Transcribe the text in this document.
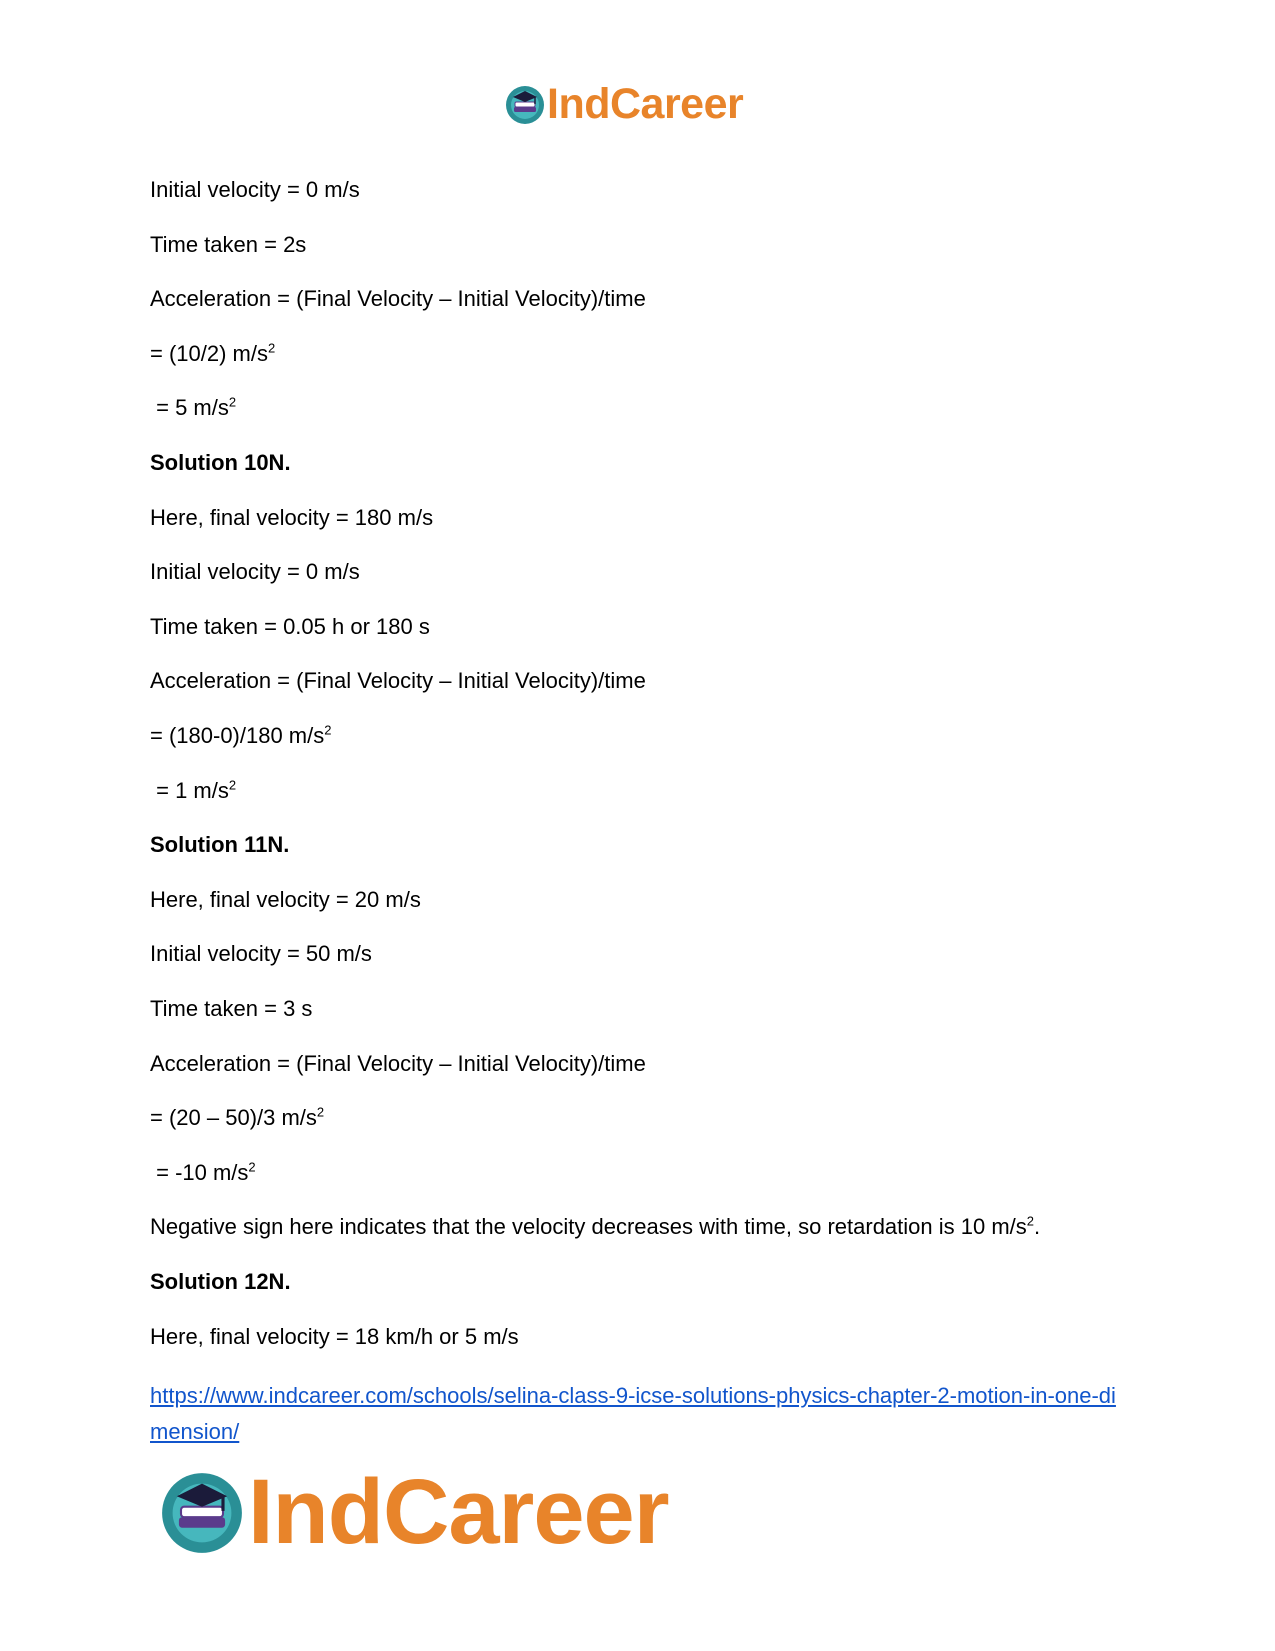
IndCareer
Initial velocity = 0 m/s
Time taken = 2s
Acceleration = (Final Velocity – Initial Velocity)/time
= (10/2) $m/s^2$
= 5 $m/s^2$
Solution 10N.
Here, final velocity = 180 m/s
Initial velocity = 0 m/s
Time taken = 0.05 h or 180 s
Acceleration = (Final Velocity – Initial Velocity)/time
= (180-0)/180 $m/s^2$
= 1 $m/s^2$
Solution 11N.
Here, final velocity = 20 m/s
Initial velocity = 50 m/s
Time taken = 3 s
Acceleration = (Final Velocity – Initial Velocity)/time
= (20 – 50)/3 $m/s^2$
= -10 $m/s^2$
Negative sign here indicates that the velocity decreases with time, so retardation is 10 $m/s^2$.
Solution 12N.
Here, final velocity = 18 km/h or 5 m/s
https://www.indcareer.com/schools/selina-class-9-icse-solutions-physics-chapter-2-motion-in-one-dimension/
IndCareer
